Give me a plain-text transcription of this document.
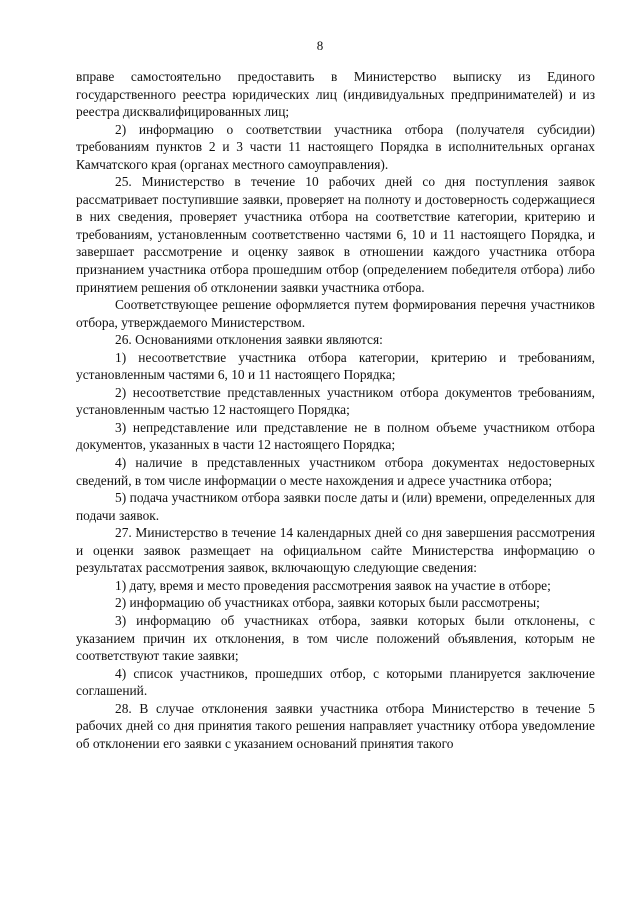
8

вправе самостоятельно предоставить в Министерство выписку из Единого государственного реестра юридических лиц (индивидуальных предпринимателей) и из реестра дисквалифицированных лиц;

2) информацию о соответствии участника отбора (получателя субсидии) требованиям пунктов 2 и 3 части 11 настоящего Порядка в исполнительных органах Камчатского края (органах местного самоуправления).

25. Министерство в течение 10 рабочих дней со дня поступления заявок рассматривает поступившие заявки, проверяет на полноту и достоверность содержащиеся в них сведения, проверяет участника отбора на соответствие категории, критерию и требованиям, установленным соответственно частями 6, 10 и 11 настоящего Порядка, и завершает рассмотрение и оценку заявок в отношении каждого участника отбора признанием участника отбора прошедшим отбор (определением победителя отбора) либо принятием решения об отклонении заявки участника отбора.

Соответствующее решение оформляется путем формирования перечня участников отбора, утверждаемого Министерством.

26. Основаниями отклонения заявки являются:

1) несоответствие участника отбора категории, критерию и требованиям, установленным частями 6, 10 и 11 настоящего Порядка;

2) несоответствие представленных участником отбора документов требованиям, установленным частью 12 настоящего Порядка;

3) непредставление или представление не в полном объеме участником отбора документов, указанных в части 12 настоящего Порядка;

4) наличие в представленных участником отбора документах недостоверных сведений, в том числе информации о месте нахождения и адресе участника отбора;

5) подача участником отбора заявки после даты и (или) времени, определенных для подачи заявок.

27. Министерство в течение 14 календарных дней со дня завершения рассмотрения и оценки заявок размещает на официальном сайте Министерства информацию о результатах рассмотрения заявок, включающую следующие сведения:

1) дату, время и место проведения рассмотрения заявок на участие в отборе;

2) информацию об участниках отбора, заявки которых были рассмотрены;

3) информацию об участниках отбора, заявки которых были отклонены, с указанием причин их отклонения, в том числе положений объявления, которым не соответствуют такие заявки;

4) список участников, прошедших отбор, с которыми планируется заключение соглашений.

28. В случае отклонения заявки участника отбора Министерство в течение 5 рабочих дней со дня принятия такого решения направляет участнику отбора уведомление об отклонении его заявки с указанием оснований принятия такого
